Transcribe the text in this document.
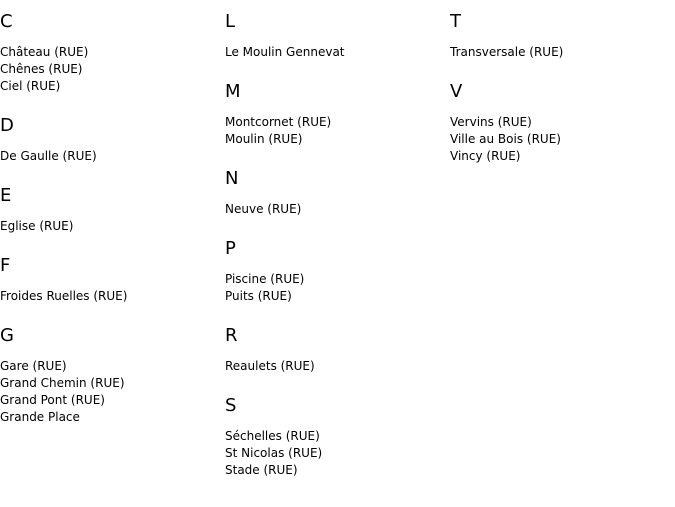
C
Château (RUE)
Chênes (RUE)
Ciel (RUE)
D
De Gaulle (RUE)
E
Eglise (RUE)
F
Froides Ruelles (RUE)
G
Gare (RUE)
Grand Chemin (RUE)
Grand Pont (RUE)
Grande Place
L
Le Moulin Gennevat
M
Montcornet (RUE)
Moulin (RUE)
N
Neuve (RUE)
P
Piscine (RUE)
Puits (RUE)
R
Reaulets (RUE)
S
Séchelles (RUE)
St Nicolas (RUE)
Stade (RUE)
T
Transversale (RUE)
V
Vervins (RUE)
Ville au Bois (RUE)
Vincy (RUE)
